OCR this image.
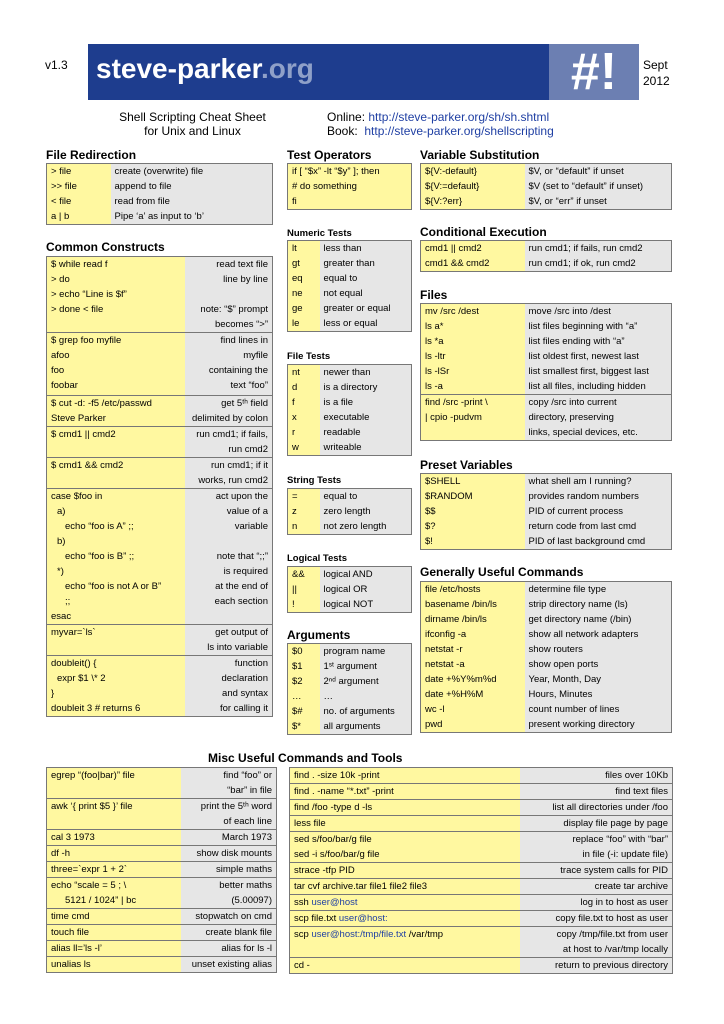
v1.3	Sept
2012
steve-parker.org	#!
Shell Scripting Cheat Sheet
for Unix and Linux
Online: http://steve-parker.org/sh/sh.shtml
Book: http://steve-parker.org/shellscripting
File Redirection
> file	create (overwrite) file
>> file	append to file
< file	read from file
a | b	Pipe ‘a’ as input to ‘b’
Common Constructs
$ while read f	read text file
> do	line by line
> echo “Line is $f”	
> done < file	note: “$” prompt
	becomes “>”
$ grep foo myfile	find lines in
afoo	myfile
foo	containing the
foobar	text “foo”

$ cut -d: -f5 /etc/passwd	get 5ᵗʰ field
Steve Parker	delimited by colon
$ cmd1 || cmd2	run cmd1; if fails,
	run cmd2
$ cmd1 && cmd2	run cmd1; if it
	works, run cmd2
case $foo in	act upon the
a)	value of a
echo “foo is A” ;;	variable
b)	
echo “foo is B” ;;	note that “;;”
*)	is required
echo “foo is not A or B”	at the end of
;;	each section
esac	
myvar=`ls`	get output of
	ls into variable
doubleit() {	function
expr $1 \* 2	declaration
}	and syntax
doubleit 3 # returns 6	for calling it
Test Operators
if [ “$x” -lt “$y” ]; then
# do something
fi
Numeric Tests
lt	less than
gt	greater than
eq	equal to
ne	not equal
ge	greater or equal
le	less or equal
File Tests
nt	newer than
d	is a directory
f	is a file
x	executable
r	readable
w	writeable
String Tests
=	equal to
z	zero length
n	not zero length
Logical Tests
&&	logical AND
||	logical OR
!	logical NOT
Arguments
$0	program name
$1	1ˢᵗ argument
$2	2ⁿᵈ argument
…	…
$#	no. of arguments
$*	all arguments
Variable Substitution
${V:-default}	$V, or “default” if unset
${V:=default}	$V (set to “default” if unset)
${V:?err}	$V, or “err” if unset
Conditional Execution
cmd1 || cmd2	run cmd1; if fails, run cmd2
cmd1 && cmd2	run cmd1; if ok, run cmd2
Files
mv /src /dest	move /src into /dest
ls a*	list files beginning with “a”
ls *a	list files ending with “a”
ls -ltr	list oldest first, newest last
ls -lSr	list smallest first, biggest last
ls -a	list all files, including hidden
find /src -print \	copy /src into current
| cpio -pudvm	directory, preserving
	links, special devices, etc.
Preset Variables
$SHELL	what shell am I running?
$RANDOM	provides random numbers
$$	PID of current process
$?	return code from last cmd
$!	PID of last background cmd
Generally Useful Commands
file /etc/hosts	determine file type
basename /bin/ls	strip directory name (ls)
dirname /bin/ls	get directory name (/bin)
ifconfig -a	show all network adapters
netstat -r	show routers
netstat -a	show open ports
date +%Y%m%d	Year, Month, Day
date +%H%M	Hours, Minutes
wc -l	count number of lines
pwd	present working directory
Misc Useful Commands and Tools
egrep “(foo|bar)” file	find “foo” or
	“bar” in file
awk ‘{ print $5 }’ file	print the 5ᵗʰ word
	of each line
cal 3 1973	March 1973
df -h	show disk mounts
three=`expr 1 + 2`	simple maths
echo “scale = 5 ; \	better maths
5121 / 1024” | bc	(5.00097)
time cmd	stopwatch on cmd
touch file	create blank file
alias ll=’ls -l’	alias for ls -l
unalias ls	unset existing alias
find . -size 10k -print	files over 10Kb
find . -name “*.txt” -print	find text files
find /foo -type d -ls	list all directories under /foo
less file	display file page by page
sed s/foo/bar/g file	replace “foo” with “bar”
sed -i s/foo/bar/g file	in file (-i: update file)
strace -tfp PID	trace system calls for PID
tar cvf archive.tar file1 file2 file3	create tar archive
ssh user@host	log in to host as user
scp file.txt user@host:	copy file.txt to host as user
scp user@host:/tmp/file.txt /var/tmp	copy /tmp/file.txt from user
	at host to /var/tmp locally
cd -	return to previous directory
